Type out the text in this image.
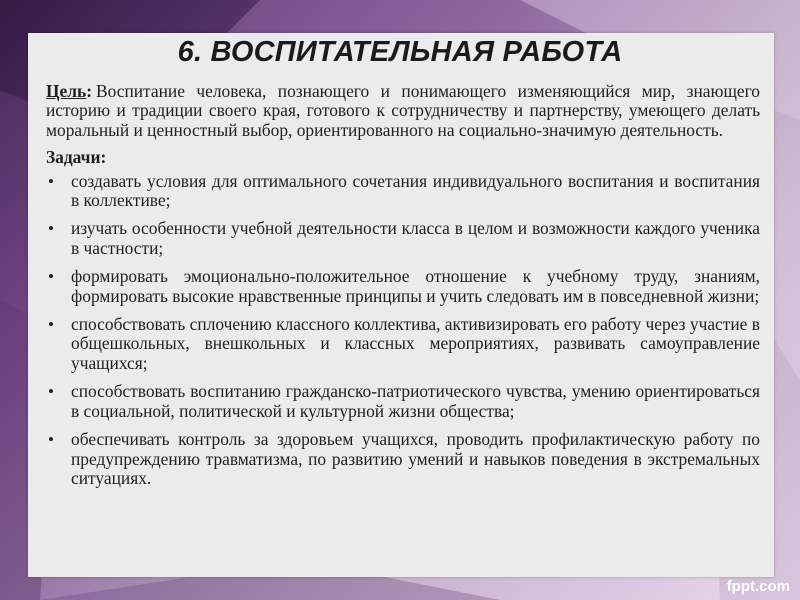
6. ВОСПИТАТЕЛЬНАЯ РАБОТА

Цель: Воспитание человека, познающего и понимающего изменяющийся мир, знающего историю и традиции своего края, готового к сотрудничеству и партнерству, умеющего делать моральный и ценностный выбор, ориентированного на социально-значимую деятельность.

Задачи:
• создавать условия для оптимального сочетания индивидуального воспитания и воспитания в коллективе;
• изучать особенности учебной деятельности класса в целом и возможности каждого ученика в частности;
• формировать эмоционально-положительное отношение к учебному труду, знаниям, формировать высокие нравственные принципы и учить следовать им в повседневной жизни;
• способствовать сплочению классного коллектива, активизировать его работу через участие в общешкольных, внешкольных и классных мероприятиях, развивать самоуправление учащихся;
• способствовать воспитанию гражданско-патриотического чувства, умению ориентироваться в социальной, политической и культурной жизни общества;
• обеспечивать контроль за здоровьем учащихся, проводить профилактическую работу по предупреждению травматизма, по развитию умений и навыков поведения в экстремальных ситуациях.
fppt.com
